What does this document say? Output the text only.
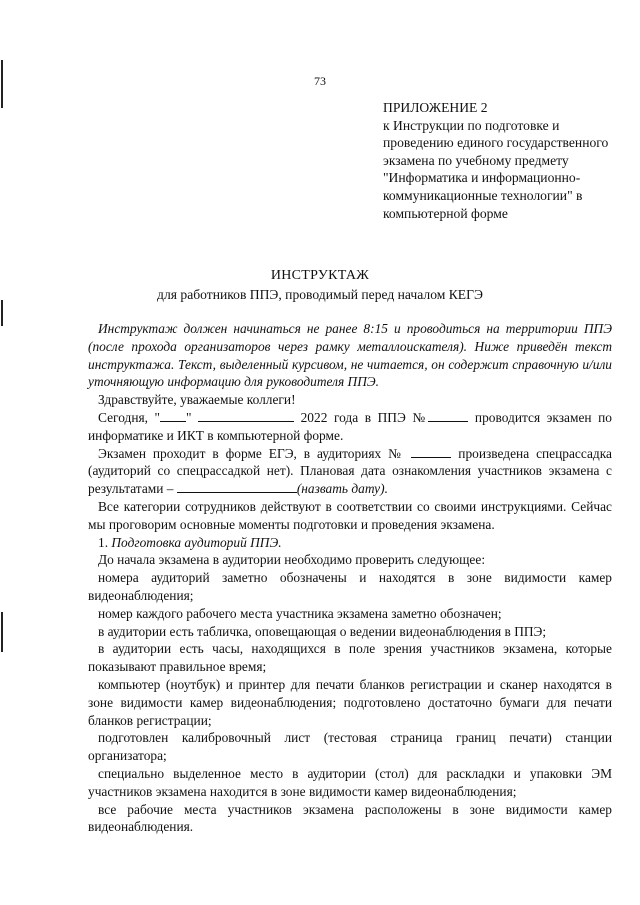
73
ПРИЛОЖЕНИЕ 2
к Инструкции по подготовке и проведению единого государственного экзамена по учебному предмету "Информатика и информационно-коммуникационные технологии" в компьютерной форме
ИНСТРУКТАЖ
для работников ППЭ, проводимый перед началом КЕГЭ

Инструктаж должен начинаться не ранее 8:15 и проводиться на территории ППЭ (после прохода организаторов через рамку металлоискателя). Ниже приведён текст инструктажа. Текст, выделенный курсивом, не читается, он содержит справочную и/или уточняющую информацию для руководителя ППЭ.

Здравствуйте, уважаемые коллеги!

Сегодня, " "	2022 года в ППЭ №	проводится экзамен по информатике и ИКТ в компьютерной форме.

Экзамен проходит в форме ЕГЭ, в аудиториях №	произведена спецрассадка (аудиторий со спецрассадкой нет). Плановая дата ознакомления участников экзамена с результатами –	(назвать дату).

Все категории сотрудников действуют в соответствии со своими инструкциями. Сейчас мы проговорим основные моменты подготовки и проведения экзамена.

1. Подготовка аудиторий ППЭ.

До начала экзамена в аудитории необходимо проверить следующее:

номера аудиторий заметно обозначены и находятся в зоне видимости камер видеонаблюдения;

номер каждого рабочего места участника экзамена заметно обозначен;

в аудитории есть табличка, оповещающая о ведении видеонаблюдения в ППЭ;

в аудитории есть часы, находящихся в поле зрения участников экзамена, которые показывают правильное время;

компьютер (ноутбук) и принтер для печати бланков регистрации и сканер находятся в зоне видимости камер видеонаблюдения; подготовлено достаточно бумаги для печати бланков регистрации;

подготовлен калибровочный лист (тестовая страница границ печати) станции организатора;

специально выделенное место в аудитории (стол) для раскладки и упаковки ЭМ участников экзамена находится в зоне видимости камер видеонаблюдения;

все рабочие места участников экзамена расположены в зоне видимости камер видеонаблюдения.
